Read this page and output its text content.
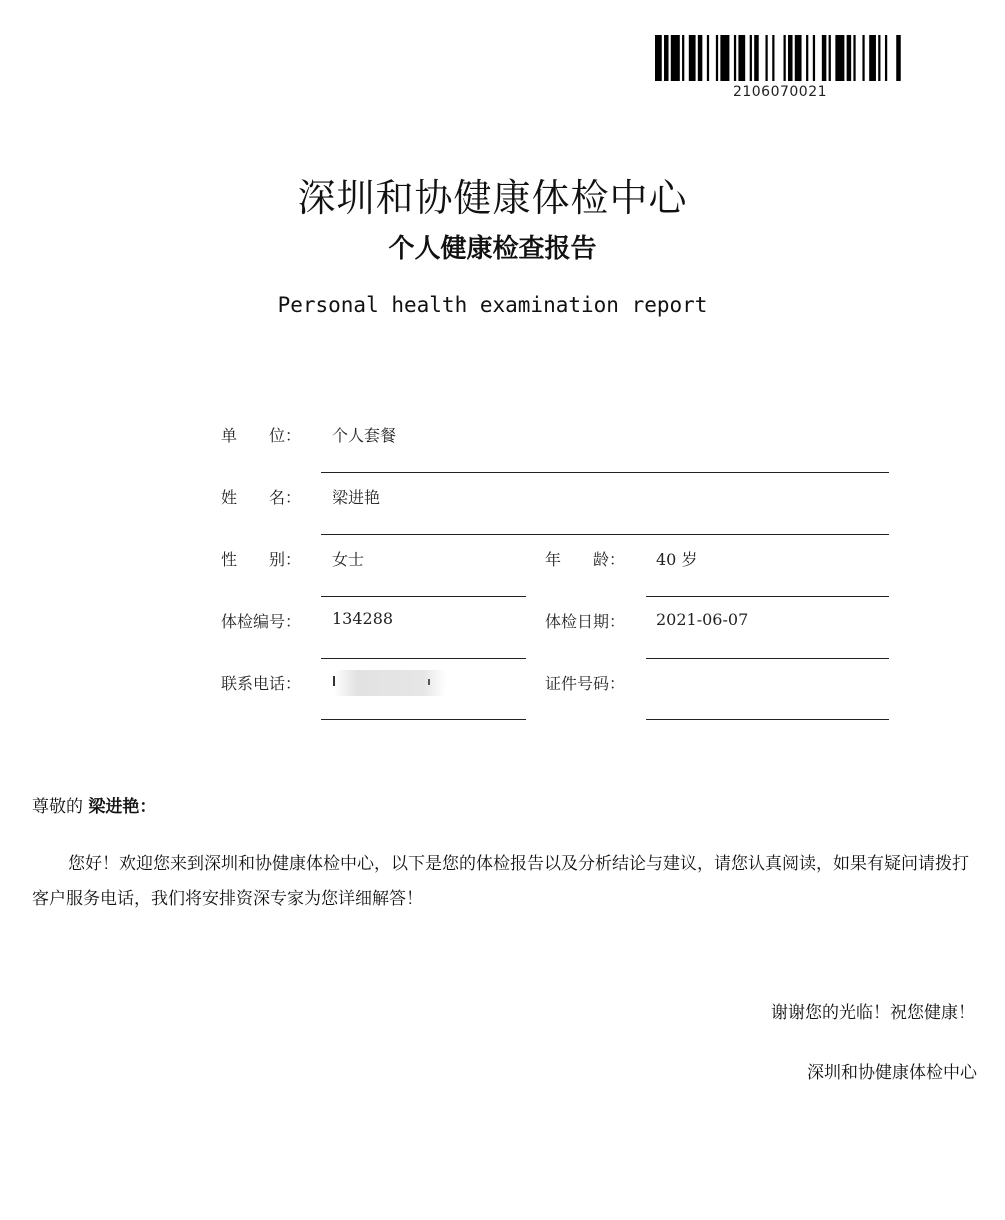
2106070021
深圳和协健康体检中心
个人健康检查报告
Personal health examination report
单　　位： 个人套餐
姓　　名： 梁进艳
性　　别： 女士	年　　龄： 40 岁
体检编号： 134288	体检日期： 2021-06-07
联系电话：	证件号码：
尊敬的 梁进艳：
您好！欢迎您来到深圳和协健康体检中心，以下是您的体检报告以及分析结论与建议，请您认真阅读，如果有疑问请拨打客户服务电话，我们将安排资深专家为您详细解答！
谢谢您的光临！祝您健康！
深圳和协健康体检中心
